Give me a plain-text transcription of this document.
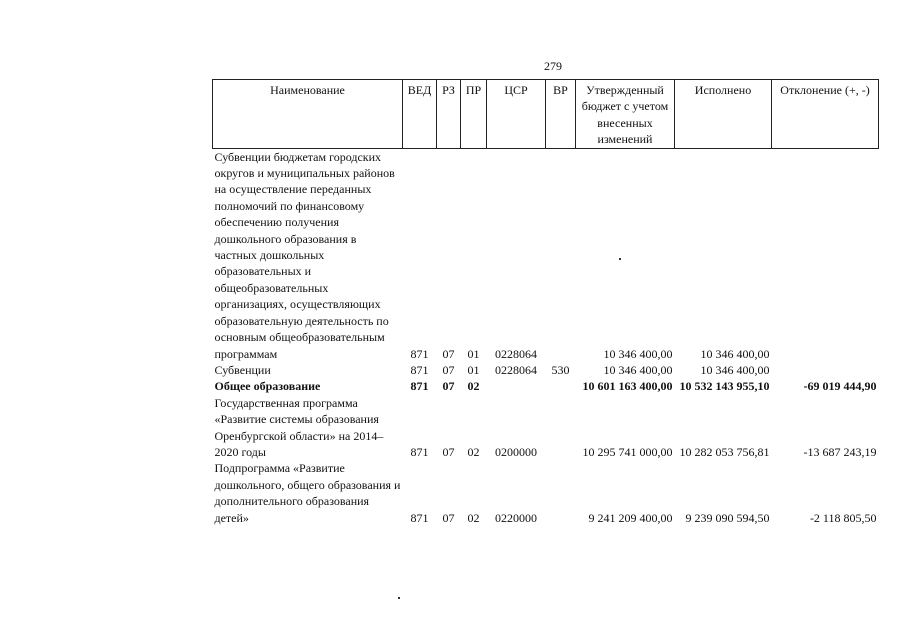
279
Наименование	ВЕД	РЗ	ПР	ЦСР	ВР	Утвержденный бюджет с учетом внесенных изменений	Исполнено	Отклонение (+, -)
Субвенции бюджетам городских округов и муниципальных районов на осуществление переданных полномочий по финансовому обеспечению получения дошкольного образования в частных дошкольных образовательных и общеобразовательных организациях, осуществляющих образовательную деятельность по основным общеобразовательным программам	871	07	01	0228064		10 346 400,00	10 346 400,00	
Субвенции	871	07	01	0228064	530	10 346 400,00	10 346 400,00	
Общее образование	871	07	02			10 601 163 400,00	10 532 143 955,10	-69 019 444,90
Государственная программа «Развитие системы образования Оренбургской области» на 2014–2020 годы	871	07	02	0200000		10 295 741 000,00	10 282 053 756,81	-13 687 243,19
Подпрограмма «Развитие дошкольного, общего образования и дополнительного образования детей»	871	07	02	0220000		9 241 209 400,00	9 239 090 594,50	-2 118 805,50
